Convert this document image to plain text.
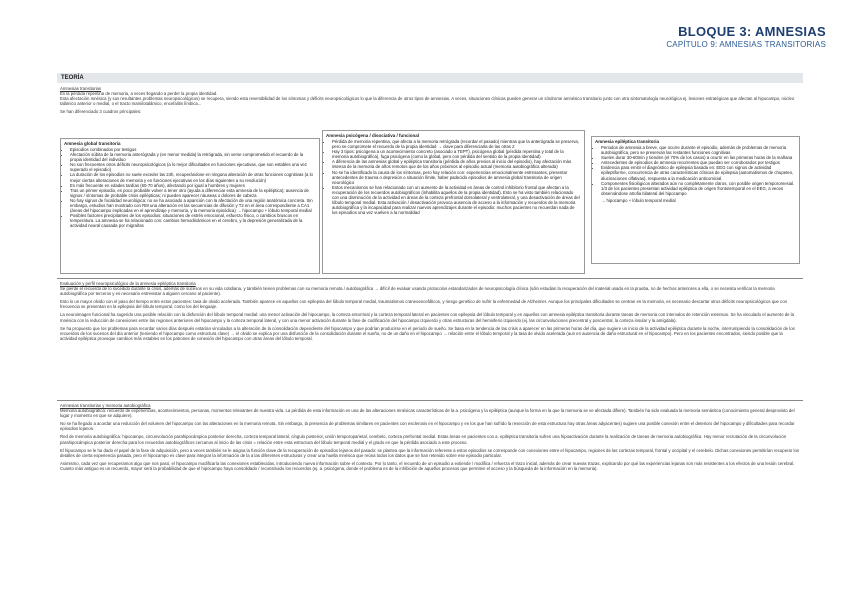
BLOQUE 3: AMNESIAS
CAPÍTULO 9: AMNESIAS TRANSITORIAS
TEORÍA
Amnesias transitorias
Es la pérdida repentina de memoria, a veces llegando a perder la propia identidad.
Esta afectación mnésica (y sus resultantes problemas neuropsicológicos) se recupera, siendo esta reversibilidad de los síntomas y déficits neuropsicológicos lo que la diferencia de otros tipos de amnesias. A veces, situaciones clínicas pueden generar un síndrome amnésico transitorio junto con otra sintomatología neurológica ej. lesiones estratégicas que afectan al hipocampo, núcleo talámico anterior o medial, o el tracto mamilotalámico, encefalitis límbica...
Se han diferenciado 3 cuadros principales:
Amnesia global transitoria
• Episodios combinados por testigos
• Afectación súbita de la memoria anterógrada y (en menor medida) la retrógrada, sin verse comprometido el recuerdo de la propia identidad del individuo
• No son frecuentes otros déficits neuropsicológicos (a lo mejor dificultades en funciones ejecutivas, que son estables una vez superado el episodio)
• La duración de los episodios no suele exceder las 24h, recuperándose en ninguna alteración de otras funciones cognitivas (a lo mejor ciertas alteraciones de memoria y en funciones ejecutivas en los días siguientes a su resolución)
• Es más frecuente en edades tardías (60-70 años), afectando por igual a hombres y mujeres
• Tras un primer episodio, es poco probable volver a tener otro (ayuda a diferenciar esta amnesia de la epiléptica); ausencia de signos / síntomas de probable crisis epilépticas; ni pueden aparecer náuseas o dolores de cabeza
• No hay signos de focalidad neurológica: no se ha asociado a aparición con la afectación de una región anatómica concreta. Sin embargo, estudios han mostrado con RM una alteración en las secuencias de difusión y T2 en el área correspondiente a CA1 (áreas del hipocampo implicadas en el aprendizaje y memoria, y la memoria episódica) → hipocampo + lóbulo temporal medial
• Posibles factores precipitantes de los episodios: situaciones de estrés emocional, esfuerzo físico, o cambios bruscos en temperatura. La amnesia se ha relacionado con: cambios hemodinámicos en el cerebro, y la depresión generalizada de la actividad neural causada por migrañas
Amnesia psicógena / disociativa / funcional
• Pérdida de memoria repentina, que afecta a la memoria retrógrada (recordar el pasado) mientras que la anterógrada se preserva, pero se compromete el recuerdo de la propia identidad → clave para diferenciarla de las otras 2
• Hay 3 tipos: psicógena a un acontecimiento concreto (asociado a TEPT), psicógena global (pérdida repentina y total de la memoria autobiográfica), fuga psicógena (como la global, pero con pérdida del sentido de la propia identidad)
• A diferencia de las amnesias global y epiléptica transitoria (pérdida de años previos al inicio del episodio), hay afectación más intensa de la memoria de años remotos que de los años próximos al episodio actual (memoria autobiográfica alterada)
• No se ha identificado la causa de los síntomas, pero hay relación con: experiencias emocionalmente estresantes, presentar antecedentes de trauma o depresión o situación límite, haber padecido episodios de amnesia global transitoria de origen neurológico
• Estos mecanismos se han relacionado con un aumento de la actividad en áreas de control inhibitorio frontal que afectan a la recuperación de los recuerdos autobiográficos (inhabilita aquellos de la propia identidad). Esto se ha visto también relacionado con una disminución de la actividad en áreas de la corteza prefrontal dorsolateral y ventrolateral, y una desactivación de áreas del lóbulo temporal medial. Esta activación / desactivación provoca ausencia de acceso a la información y recuerdos de la memoria autobiográfica y la incapacidad para realizar nuevos aprendizajes durante el episodio: muchos pacientes no recuerdan nada de los episodios una vez vuelven a la normalidad
Amnesia epiléptica transitoria
• Periodos de amnesia a breve, que ocurre durante el episodio, además de problemas de memoria autobiográfica, pero se preservan las restantes funciones cognitivas
• Suelen durar 30-60min y tienden (el 70% de los casos) a ocurrir en las primeras horas de la mañana
• Antecedentes de episodios de amnesia recurrentes que puedan ser corroborados por testigos
• Evidencia para emitir el diagnóstico de epilepsia basada en: EEG con signos de actividad epileptiforme, concurrencia de otras características clínicas de epilepsia (automatismos de chupeteo, alucinaciones olfativas), respuesta a la medicación anticomicial
• Componentes fisiológicos alterados aún no completamente claros, con posible origen temporomesial. 1/3 de los pacientes presentan actividad epiléptica de origen frontotemporal en el EEG, a veces observándose atrofia bilateral del hipocampo

→ hipocampo + lóbulo temporal medial

Evaluación y perfil neuropsicológico de la amnesia epiléptica transitoria

Se pierde el recuerdo de lo sucedido durante la crisis, además de sucesos en su vida cotidiana, y también tienen problemas con su memoria remota / autobiográfica → difícil de evaluar usando protocolos estandarizados de neuropsicología clínica (sólo estudian la recuperación del material usado en la prueba, no de hechos anteriores a ella, o se necesita verificar la memoria autobiográfica por terceros y es necesario entrevistar a alguien cercano al paciente).

Esto lo un mayor olvido con el paso del tiempo entre estos pacientes: tasa de olvido acelerada. También aparece en aquellos con epilepsia del lóbulo temporal medial, traumatismos craneoencefálicos, y riesgo genético de sufrir la enfermedad de Alzheimer. Aunque los principales dificultades se centran en la memoria, es necesario descartar otros déficits neuropsicológicos que con frecuencia se presentan en la epilepsia del lóbulo temporal, como los del lenguaje.

La neuroimagen funcional ha sugerido una posible relación con la disfunción del lóbulo temporal medial: una menor activación del hipocampo, la corteza entorrinal y la corteza temporal lateral en pacientes con epilepsia del lóbulo temporal y en aquellos con amnesia epiléptica transitoria durante tareas de memoria con intervalos de retención extensos. Se ha vinculado el aumento de la mnésica con la reducción de conexiones entre las regiones anteriores del hipocampo y la corteza temporal lateral, y con una menor activación durante la fase de codificación del hipocampo izquierdo y otras estructuras del hemisferio izquierdo (ej. las circunvoluciones precentral y poscentral, la corteza insular y la amígdala).

Se ha propuesto que los problemas para recordar varios días después estarían vinculados a la alteración de la consolidación dependiente del hipocampo y que podrían producirse en el periodo de sueño. Se basa en la tendencia de las crisis a aparecer en las primeras horas del día, que sugiere un inicio de la actividad epiléptica durante la noche, interrumpiendo la consolidación de los recuerdos de los sucesos del día anterior (teniendo el hipocampo como estructura clave) → el olvido se explica por una disfunción de la consolidación durante el sueño, no de un daño en el hipocampo → relación entre el lóbulo temporal y la tasa de olvido acelerada (aun en ausencia de daño estructural en el hipocampo). Pero en los pacientes encontrados, siendo posible que la actividad epiléptica provoque cambios más estables en los patrones de conexión del hipocampo con otras áreas del lóbulo temporal.

Amnesias transitorias y memoria autobiográfica

Memoria autobiográfica: recuerdo de experiencias, acontecimientos, personas, momentos relevantes de nuestra vida. La pérdida de esta información es una de las alteraciones mnésicas características de la a. psicógena y la epiléptica (aunque la forma en la que la memoria se ve afectada difiere). También ha sido evaluada la memoria semántica (conocimiento general desprovisto del lugar y momento en que se adquiere).

No se ha llegado a acordar una reducción del volumen del hipocampo con las alteraciones en la memoria remota. Sin embargo, la presencia de problemas similares en pacientes con esclerosis en el hipocampo y en los que han sufrido la resección de esta estructura hay otras áreas adyacentes) sugiere una posible conexión entre el deterioro del hipocampo y dificultades para recordar episodios lejanos.

Red de memoria autobiográfica: hipocampo, circunvolución parahipocámpica posterior derecha, corteza temporal lateral, cíngulo posterior, unión temporoparietal, cerebelo, corteza prefrontal medial. Estas áreas en pacientes con a. epiléptica transitoria sufren una hipoactivación durante la realización de tareas de memoria autobiográfica. Hay menor recrutación de la circunvolución parahipocámpica posterior derecha para los recuerdos autobiográficos cercanos al inicio de las crisis = relación entre esta estructura del lóbulo temporal medial y el grado en que la pérdida asociado a este proceso.

El hipocampo se le ha dado el papel de la fase de adquisición, pero a veces también se le asigna la función clave de la recuperación de episodios lejanos del pasado: se plantea que la información referente a estos episodios se corresponde con conexiones entre el hipocampo, regiones de las cortezas temporal, frontal y occipital y el cerebelo. Dichas conexiones permitirían recuperar los detalles de cierta experiencia pasada, pero el hipocampo es clave para integrar la información de la a las diferentes estructuras y crear una huella mnésica que reúna todos los datos que se han retenido sobre ese episodio particular.

Asimismo, cada vez que recuperamos algo que nos pasó, el hipocampo modificaría las conexiones establecidas, introduciendo nueva información sobre el contexto. Por lo tanto, el recuerdo de un episodio a extiende / modifica / refuerza el trazo inicial, además de crear nuevas trazas, explicando por qué las experiencias lejanas son más resistentes a los efectos de una lesión cerebral. Cuanto más antiguo es un recuerdo, mayor será la probabilidad de que el hipocampo haya consolidado / reconstruido los recuerdos (ej. a. psicógena, donde el problema es de la inhibición de aquellos procesos que permiten el acceso y la búsqueda de la información en la memoria).
